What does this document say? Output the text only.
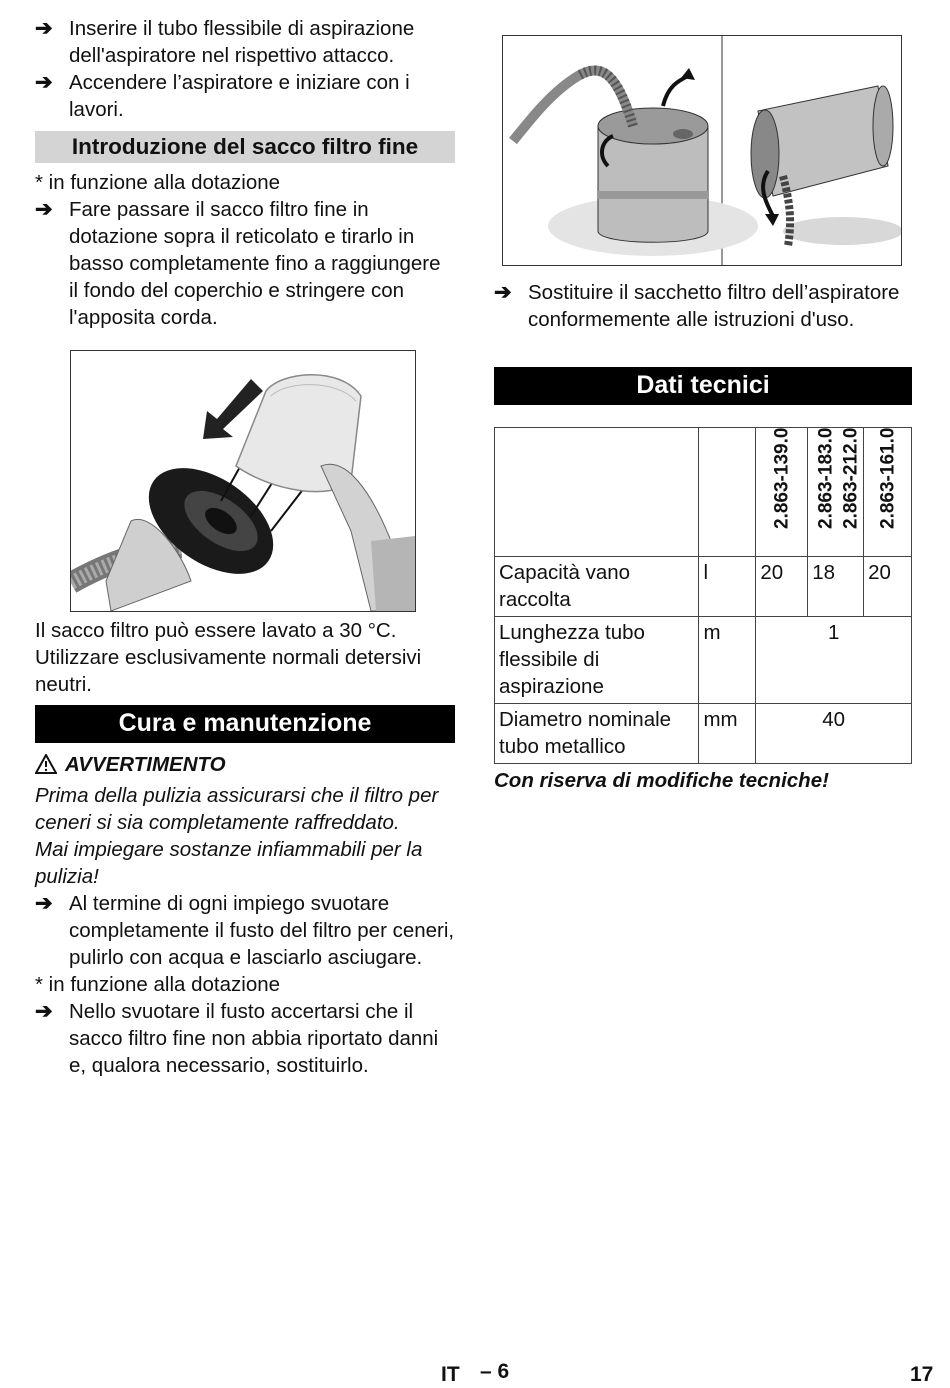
➔ Inserire il tubo flessibile di aspirazione dell'aspiratore nel rispettivo attacco.

➔ Accendere l’aspiratore e iniziare con i lavori.

Introduzione del sacco filtro fine

* in funzione alla dotazione

➔ Fare passare il sacco filtro fine in dotazione sopra il reticolato e tirarlo in basso completamente fino a raggiungere il fondo del coperchio e stringere con l'apposita corda.

Il sacco filtro può essere lavato a 30 °C. Utilizzare esclusivamente normali detersivi neutri.

Cura e manutenzione
AVVERTIMENTO

Prima della pulizia assicurarsi che il filtro per ceneri si sia completamente raffreddato.

Mai impiegare sostanze infiammabili per la pulizia!

➔ Al termine di ogni impiego svuotare completamente il fusto del filtro per ceneri, pulirlo con acqua e lasciarlo asciugare.

* in funzione alla dotazione

➔ Nello svuotare il fusto accertarsi che il sacco filtro fine non abbia riportato danni e, qualora necessario, sostituirlo.

➔ Sostituire il sacchetto filtro dell’aspiratore conformemente alle istruzioni d'uso.

Dati tecnici

		2.863-139.0	2.863-183.0 2.863-212.0	2.863-161.0

Capacità vano raccolta	l	20	18	20
Lunghezza tubo flessibile di aspirazione	m	1		
Diametro nominale tubo metallico	mm	40		

Con riserva di modifiche tecniche!

IT – 6	17
